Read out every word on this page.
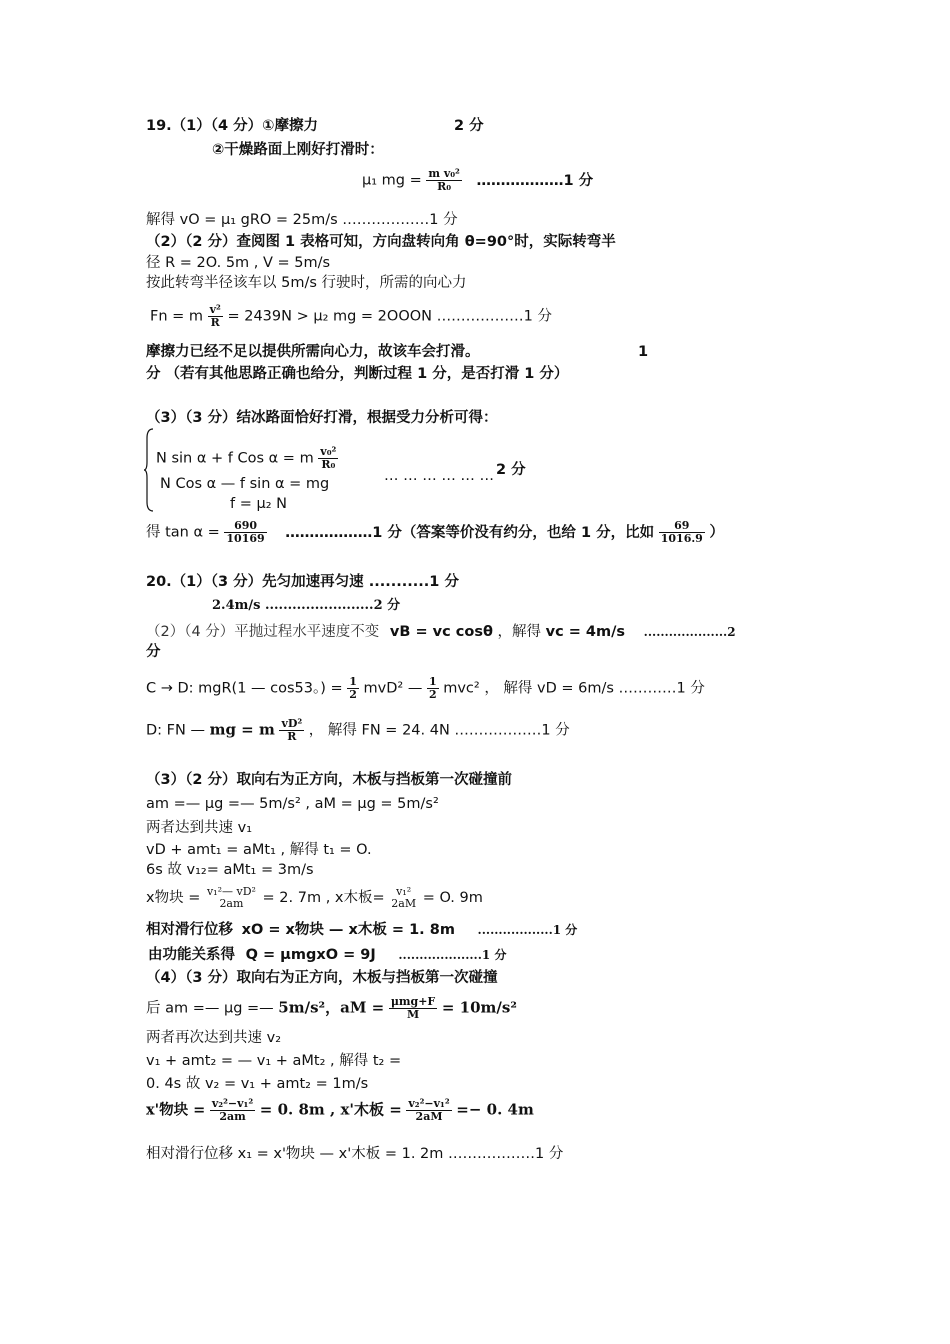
19.（1）（4 分）①摩擦力	2 分
②干燥路面上刚好打滑时：
μ₁ mg = $\frac{\text{m v₀²}}{\text{R₀}}$ ………………1 分
解得 vO = μ₁ gRO = 25m/s ………………1 分
（2）（2 分）查阅图 1 表格可知，方向盘转向角 θ=90°时，实际转弯半
径 R = 2O. 5m , V = 5m/s
按此转弯半径该车以 5m/s 行驶时，所需的向心力
Fn = m $\frac{\text{v²}}{R} = 2439N > \mu_2$ mg = 2OOON ………………1 分
摩擦力已经不足以提供所需向心力，故该车会打滑。	1
分 （若有其他思路正确也给分，判断过程 1 分，是否打滑 1 分）
（3）（3 分）结冰路面恰好打滑，根据受力分析可得：
N sin α + f Cos α = m $\frac{\text{v₀²}}{\text{R₀}}$
N Cos α — f sin α = mg	… … … … … … 2 分
f = μ₂ N
得 $\tan \alpha = \frac{690}{10169}$ ………………1 分（答案等价没有约分，也给 1 分，比如 $\frac{69}{1016.9}$ ）
20.（1）（3 分）先匀加速再匀速 ...........1 分
2.4m/s ........................2 分
（2）（4 分）平抛过程水平速度不变 vB = vc cosθ ，解得 vc = 4m/s ....................2
分
C → D: mgR(1 — cos53。) = $\frac{1}{2} mvD^2$ — $\frac{1}{2} mvc^2$ ， 解得 vD = 6m/s …………1 分
D: FN — mg = m $\frac{\text{vD²}}{R}$ ， 解得 FN = 24. 4N ………………1 分
（3）（2 分）取向右为正方向，木板与挡板第一次碰撞前
am =— μg =— 5m/s² , aM = μg = 5m/s²
两者达到共速 v₁
vD + amt₁ = aMt₁ , 解得 t₁ = O.
6s 故 v₁₂= aMt₁ = 3m/s
x物块 = v₁²— vD²
2am	= 2. 7m , x木板=	v₁²
2aM = O. 9m
相对滑行位移 xO = x物块 — x木板 = 1. 8m ..................1 分
由功能关系得 Q = μmgxO = 9J ....................1 分
（4）（3 分）取向右为正方向，木板与挡板第一次碰撞
后 am =— μg =— 5m/s²，aM = $\frac{\text{μmg+F}}{M} = 10m/s^2$
两者再次达到共速 v₂
v₁ + amt₂ = — v₁ + aMt₂ , 解得 t₂ =
0. 4s 故 v₂ = v₁ + amt₂ = 1m/s
x'物块 = $\frac{\text{v₂²−v₁²}}{2am} = 0$. 8m , x'木板 = $\frac{\text{v₂²−v₁²}}{2aM} =- 0$. 4m
相对滑行位移 x₁ = x'物块 — x'木板 = 1. 2m ………………1 分
